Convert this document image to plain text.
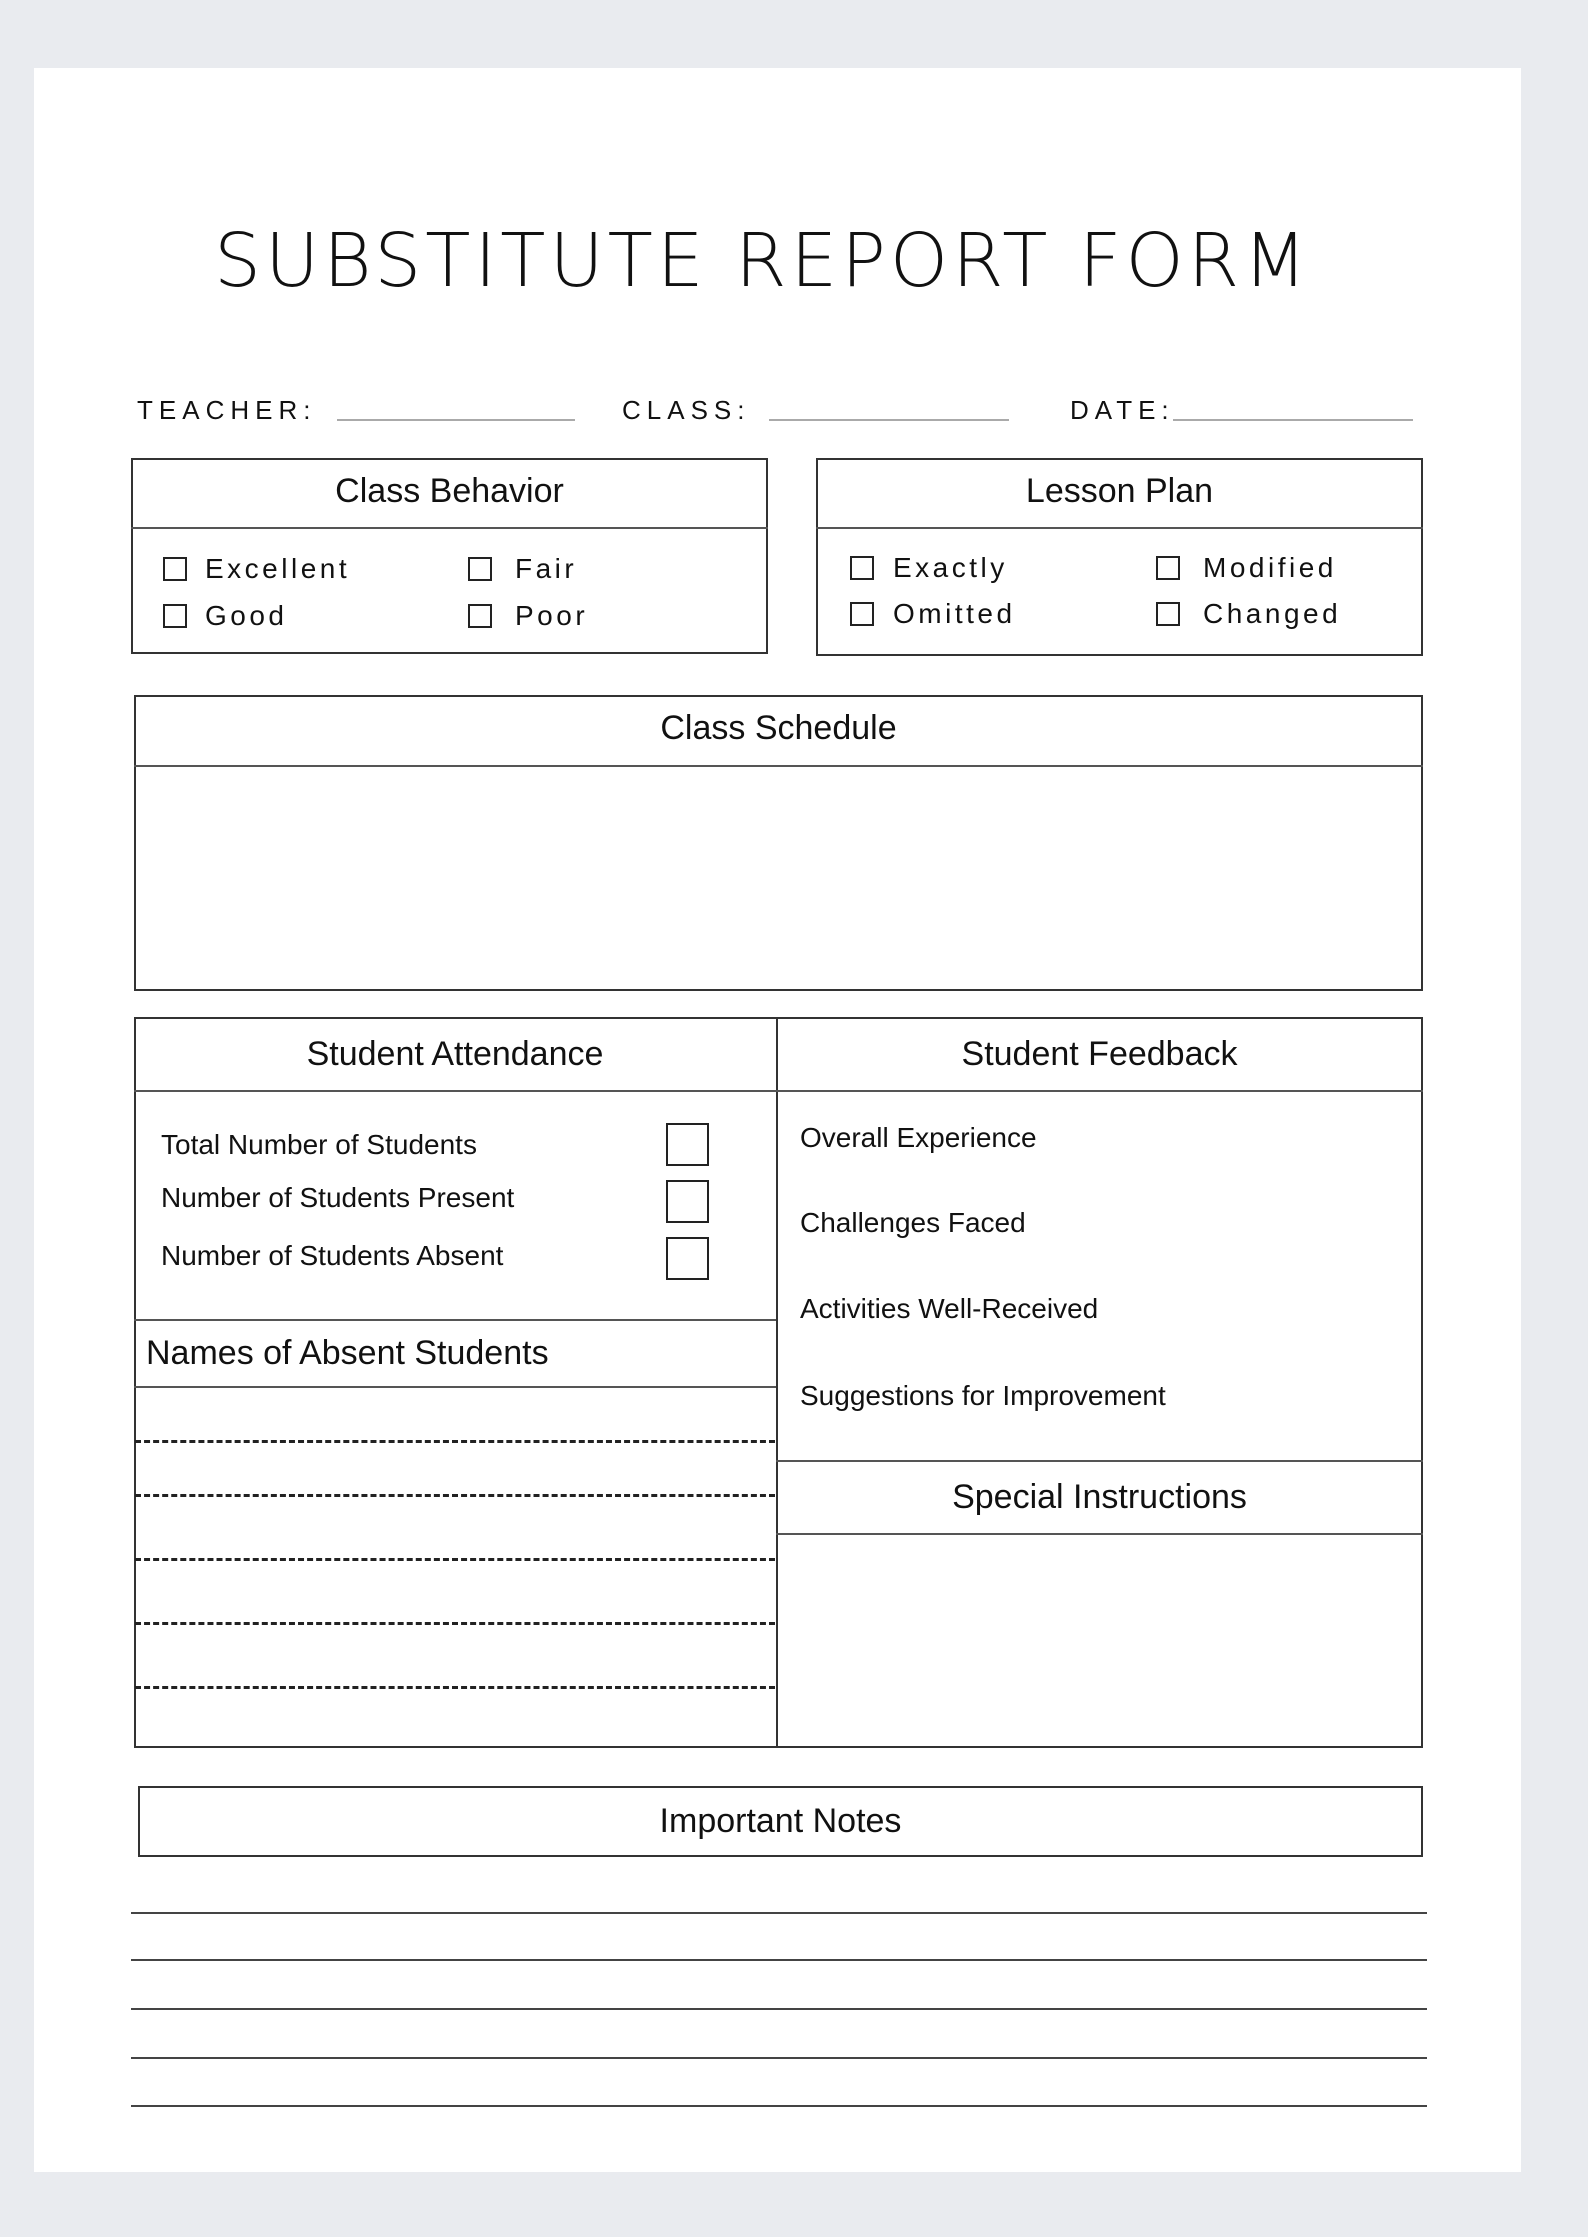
SUBSTITUTE REPORT FORM
TEACHER:	CLASS:	DATE:
Class Behavior
Excellent
Good
Fair
Poor
Lesson Plan
Exactly
Omitted
Modified
Changed
Class Schedule
Student Attendance	Student Feedback
Total Number of Students
Number of Students Present
Number of Students Absent
Names of Absent Students
Overall Experience
Challenges Faced
Activities Well-Received
Suggestions for Improvement
Special Instructions
Important Notes
